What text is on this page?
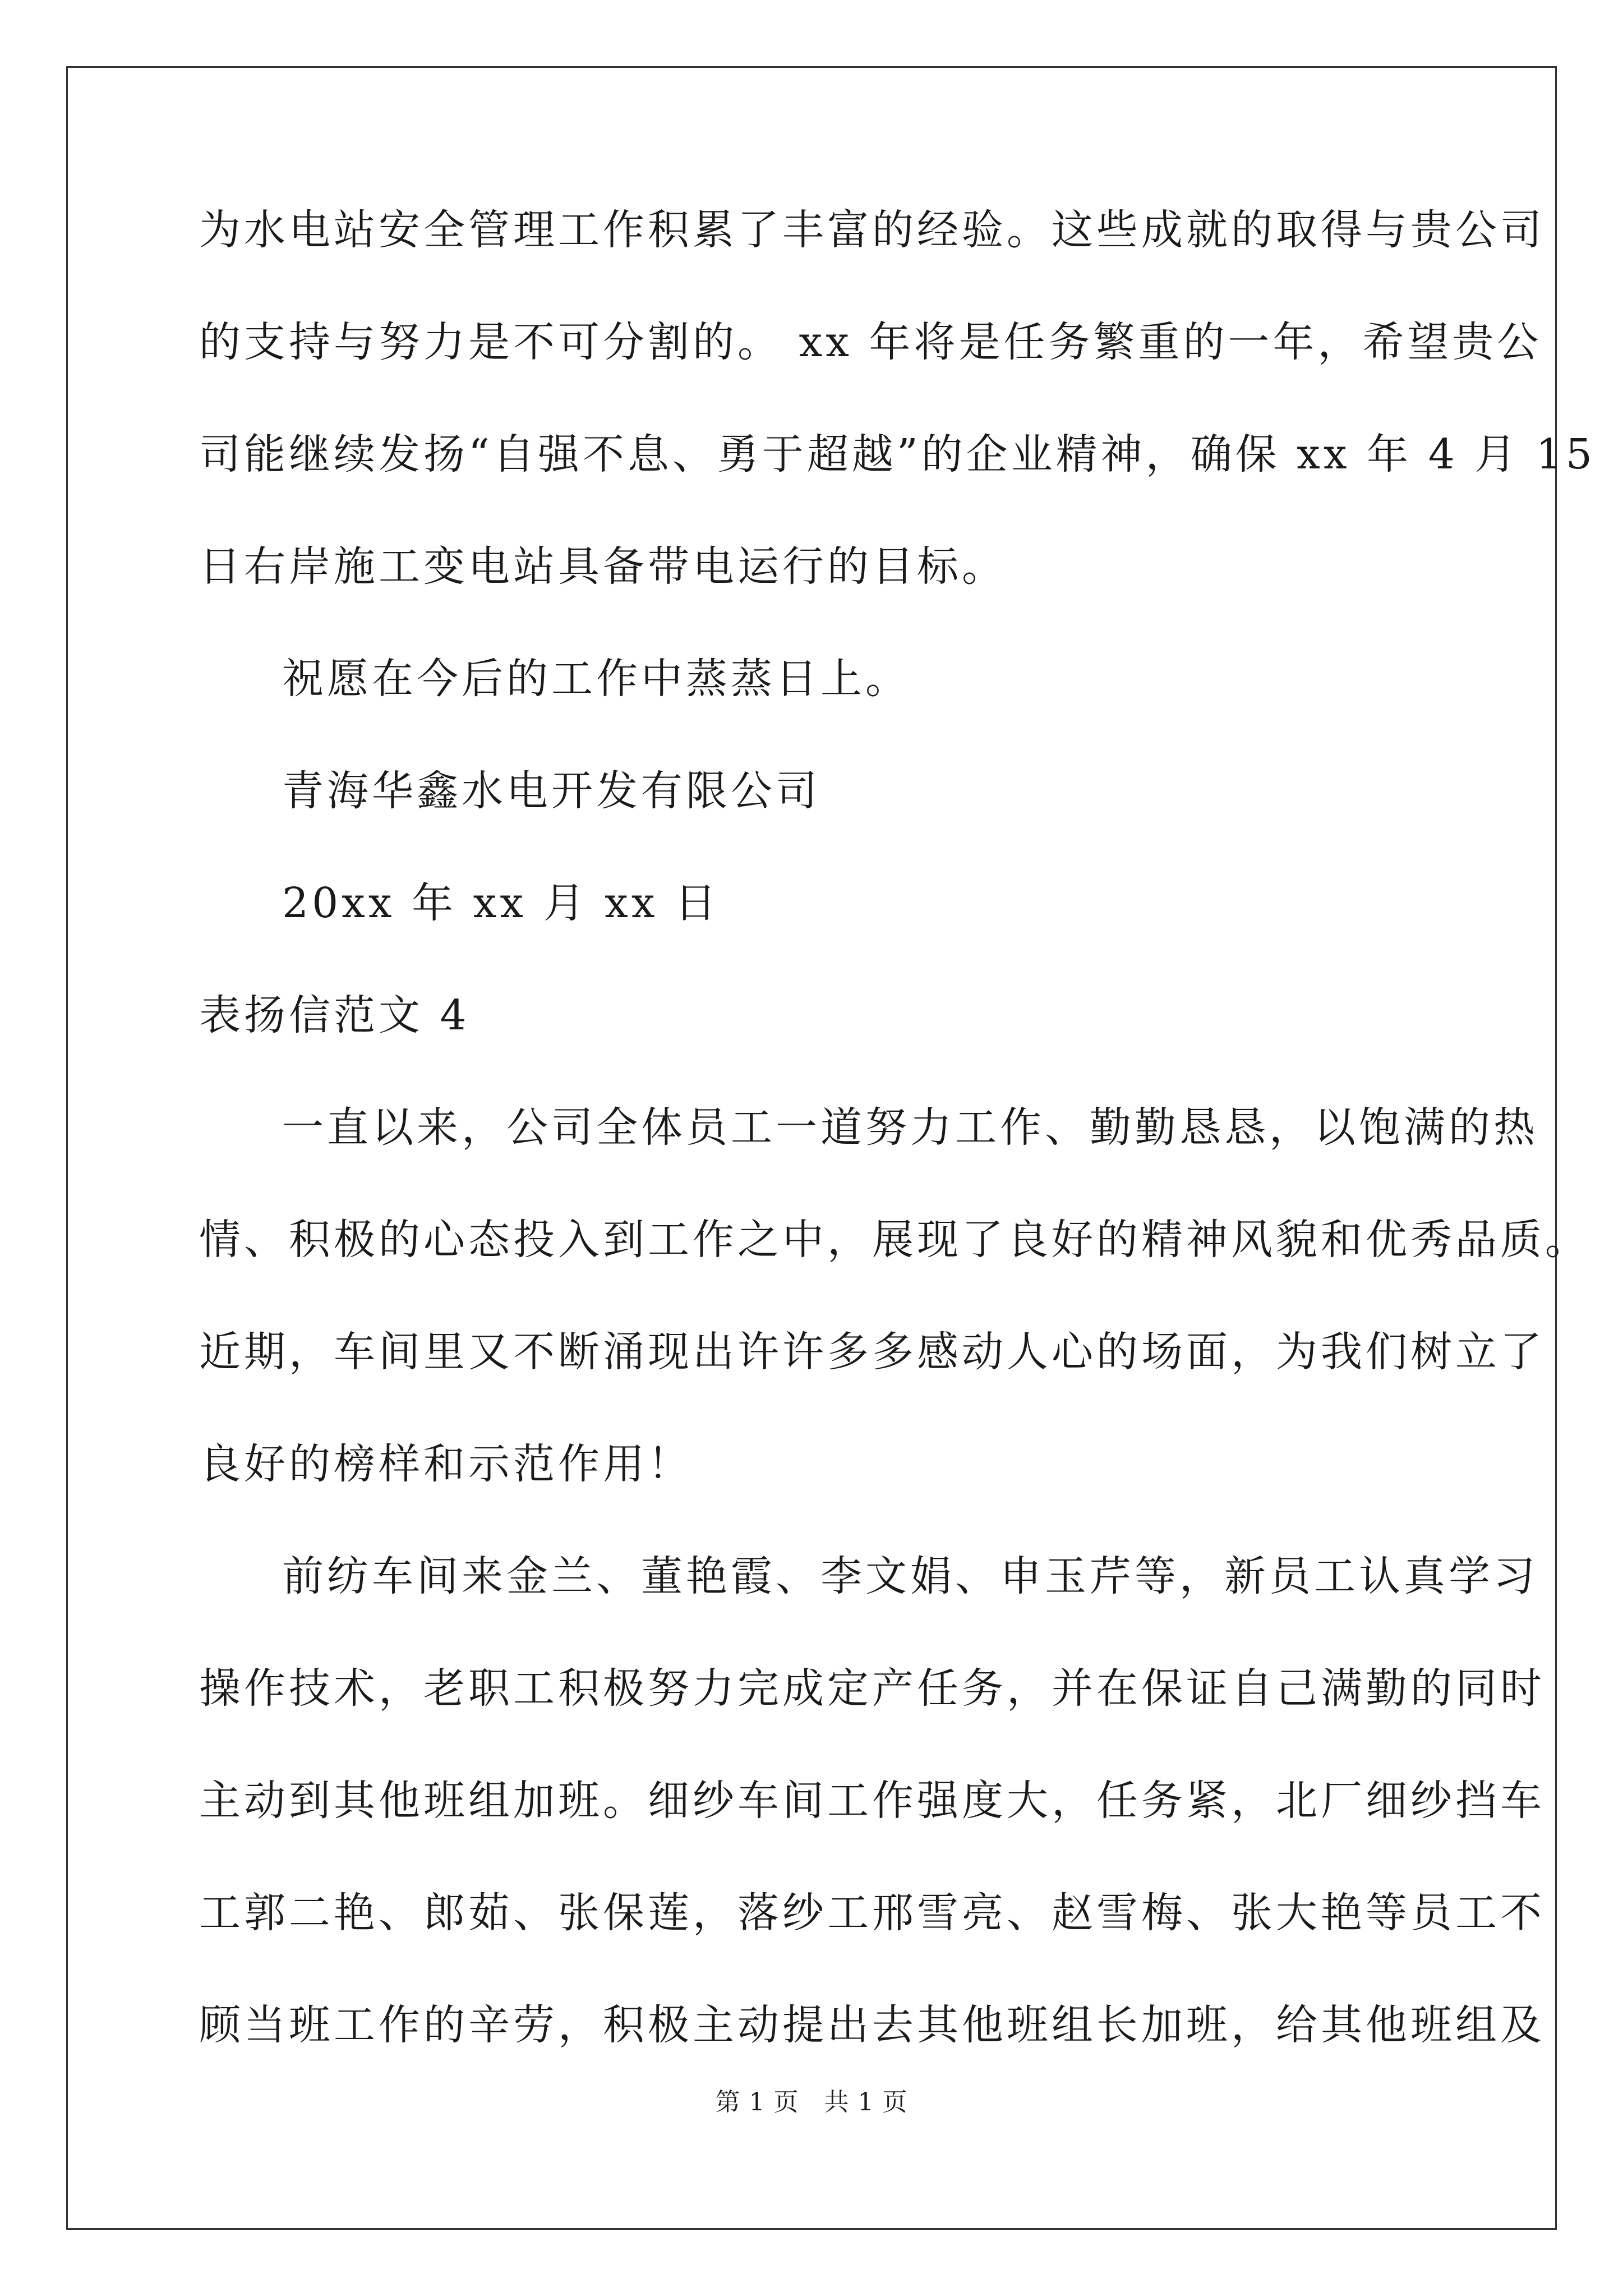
为水电站安全管理工作积累了丰富的经验。这些成就的取得与贵公司
的支持与努力是不可分割的。 xx 年将是任务繁重的一年，希望贵公
司能继续发扬“自强不息、勇于超越”的企业精神，确保 xx 年 4 月 15
日右岸施工变电站具备带电运行的目标。
祝愿在今后的工作中蒸蒸日上。
青海华鑫水电开发有限公司
20xx 年 xx 月 xx 日
表扬信范文 4
一直以来，公司全体员工一道努力工作、勤勤恳恳，以饱满的热
情、积极的心态投入到工作之中，展现了良好的精神风貌和优秀品质。
近期，车间里又不断涌现出许许多多感动人心的场面，为我们树立了
良好的榜样和示范作用！
前纺车间来金兰、董艳霞、李文娟、申玉芹等，新员工认真学习
操作技术，老职工积极努力完成定产任务，并在保证自己满勤的同时
主动到其他班组加班。细纱车间工作强度大，任务紧，北厂细纱挡车
工郭二艳、郎茹、张保莲，落纱工邢雪亮、赵雪梅、张大艳等员工不
顾当班工作的辛劳，积极主动提出去其他班组长加班，给其他班组及
第 1 页　共 1 页
